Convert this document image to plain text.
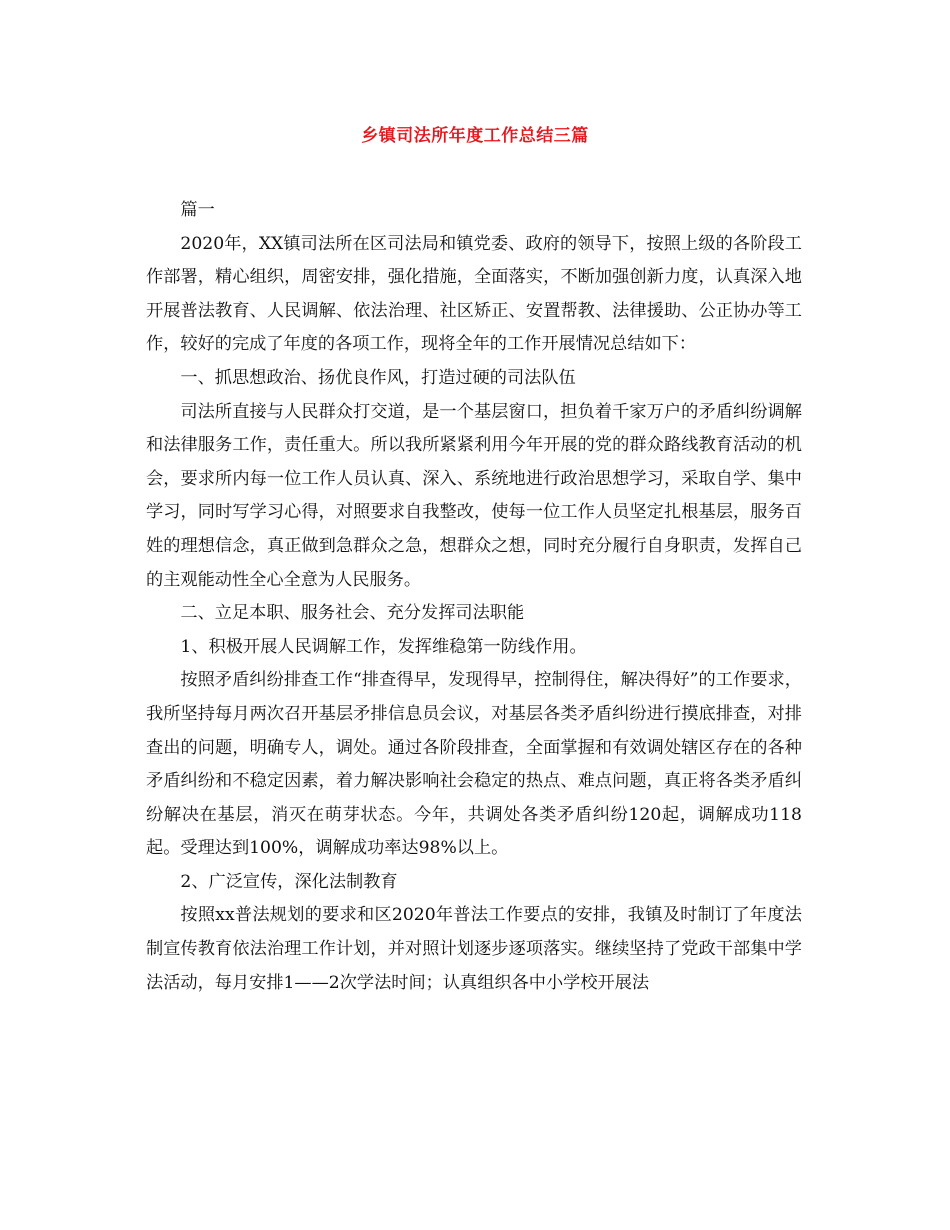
乡镇司法所年度工作总结三篇

篇一

2020年，XX镇司法所在区司法局和镇党委、政府的领导下，按照上级的各阶段工作部署，精心组织，周密安排，强化措施，全面落实，不断加强创新力度，认真深入地开展普法教育、人民调解、依法治理、社区矫正、安置帮教、法律援助、公正协办等工作，较好的完成了年度的各项工作，现将全年的工作开展情况总结如下：

一、抓思想政治、扬优良作风，打造过硬的司法队伍

司法所直接与人民群众打交道，是一个基层窗口，担负着千家万户的矛盾纠纷调解和法律服务工作，责任重大。所以我所紧紧利用今年开展的党的群众路线教育活动的机会，要求所内每一位工作人员认真、深入、系统地进行政治思想学习，采取自学、集中学习，同时写学习心得，对照要求自我整改，使每一位工作人员坚定扎根基层，服务百姓的理想信念，真正做到急群众之急，想群众之想，同时充分履行自身职责，发挥自己的主观能动性全心全意为人民服务。

二、立足本职、服务社会、充分发挥司法职能

1、积极开展人民调解工作，发挥维稳第一防线作用。

按照矛盾纠纷排查工作“排查得早，发现得早，控制得住，解决得好”的工作要求，我所坚持每月两次召开基层矛排信息员会议，对基层各类矛盾纠纷进行摸底排查，对排查出的问题，明确专人，调处。通过各阶段排查，全面掌握和有效调处辖区存在的各种矛盾纠纷和不稳定因素，着力解决影响社会稳定的热点、难点问题，真正将各类矛盾纠纷解决在基层，消灭在萌芽状态。今年，共调处各类矛盾纠纷120起，调解成功118起。受理达到100%，调解成功率达98%以上。

2、广泛宣传，深化法制教育

按照xx普法规划的要求和区2020年普法工作要点的安排，我镇及时制订了年度法制宣传教育依法治理工作计划，并对照计划逐步逐项落实。继续坚持了党政干部集中学法活动，每月安排1——2次学法时间；认真组织各中小学校开展法
